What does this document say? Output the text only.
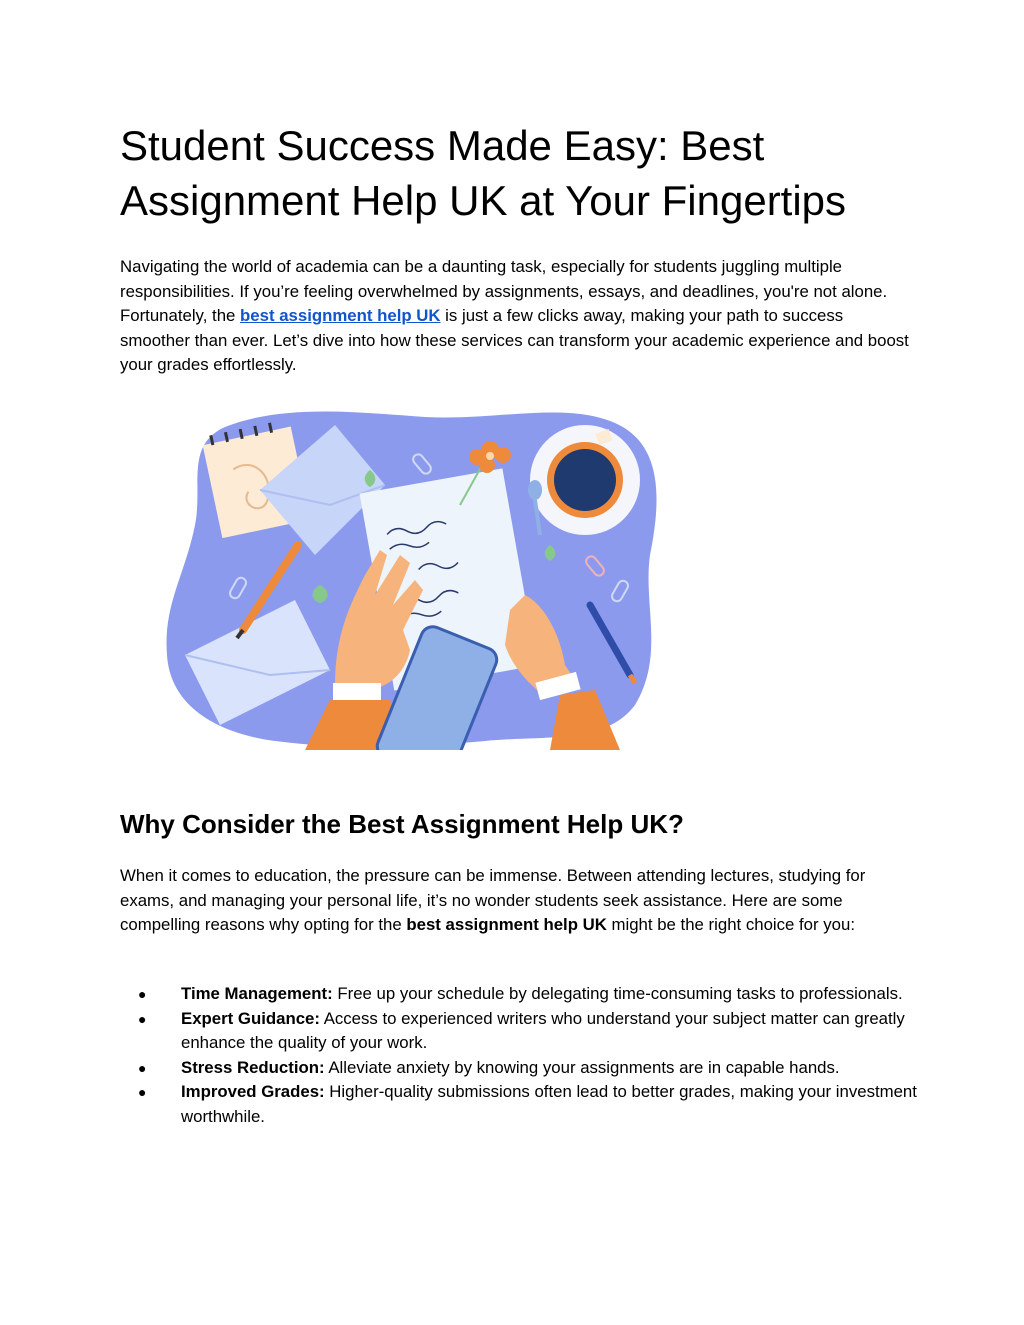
Student Success Made Easy: Best Assignment Help UK at Your Fingertips

Navigating the world of academia can be a daunting task, especially for students juggling multiple responsibilities. If you’re feeling overwhelmed by assignments, essays, and deadlines, you're not alone. Fortunately, the best assignment help UK is just a few clicks away, making your path to success smoother than ever. Let’s dive into how these services can transform your academic experience and boost your grades effortlessly.

Why Consider the Best Assignment Help UK?

When it comes to education, the pressure can be immense. Between attending lectures, studying for exams, and managing your personal life, it’s no wonder students seek assistance. Here are some compelling reasons why opting for the best assignment help UK might be the right choice for you:

● Time Management: Free up your schedule by delegating time-consuming tasks to professionals.
● Expert Guidance: Access to experienced writers who understand your subject matter can greatly enhance the quality of your work.
● Stress Reduction: Alleviate anxiety by knowing your assignments are in capable hands.
● Improved Grades: Higher-quality submissions often lead to better grades, making your investment worthwhile.
